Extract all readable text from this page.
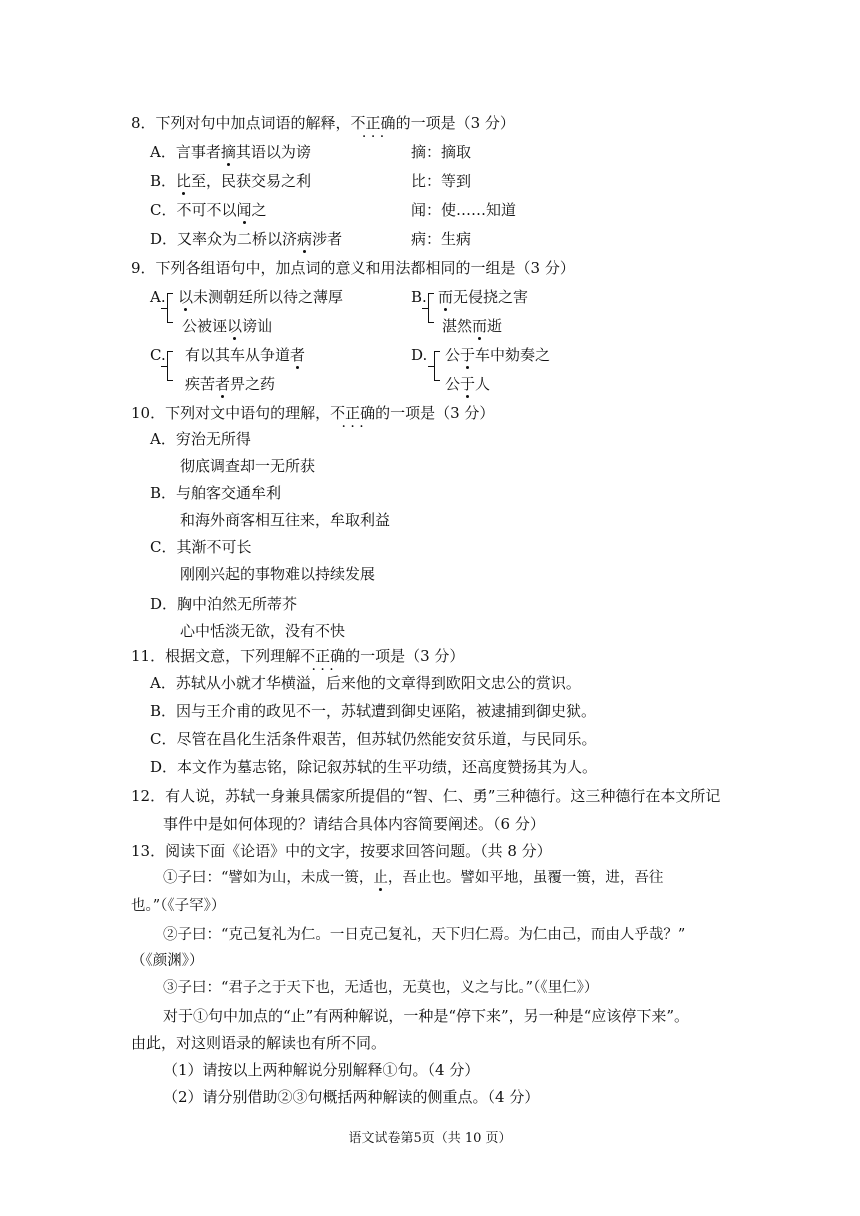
8．下列对句中加点词语的解释，不正确 · · ·的一项是（3 分）
A．言事者摘其语以为谤	摘：摘取
B．比至，民获交易之利	比：等到
C．不可不以闻之	闻：使……知道
D．又率众为二桥以济病涉者	病：生病
9．下列各组语句中，加点词的意义和用法都相同的一组是（3 分）
A. 以未测朝廷所以待之薄厚
公被诬以谤讪
B. 而无侵挠之害
湛然而逝
C. 有以其车从争道者
疾苦者畀之药
D. 公于车中劾奏之
公于人
10．下列对文中语句的理解，不正确 · · ·的一项是（3 分）
A．穷治无所得
彻底调查却一无所获
B．与舶客交通牟利
和海外商客相互往来，牟取利益
C．其渐不可长
刚刚兴起的事物难以持续发展
D．胸中泊然无所蒂芥
心中恬淡无欲，没有不快
11．根据文意，下列理解不正确 · · ·的一项是（3 分）
A．苏轼从小就才华横溢，后来他的文章得到欧阳文忠公的赏识。
B．因与王介甫的政见不一，苏轼遭到御史诬陷，被逮捕到御史狱。
C．尽管在昌化生活条件艰苦，但苏轼仍然能安贫乐道，与民同乐。
D．本文作为墓志铭，除记叙苏轼的生平功绩，还高度赞扬其为人。
12．有人说，苏轼一身兼具儒家所提倡的“智、仁、勇”三种德行。这三种德行在本文所记
事件中是如何体现的？请结合具体内容简要阐述。（6 分）
13．阅读下面《论语》中的文字，按要求回答问题。（共 8 分）
①子曰：“譬如为山，未成一篑，止，吾止也。譬如平地，虽覆一篑，进，吾往
也。”（《子罕》）
②子曰：“克己复礼为仁。一日克己复礼，天下归仁焉。为仁由己，而由人乎哉？”
（《颜渊》）
③子曰：“君子之于天下也，无适也，无莫也，义之与比。”（《里仁》）
对于①句中加点的“止”有两种解说，一种是“停下来”，另一种是“应该停下来”。
由此，对这则语录的解读也有所不同。
（1）请按以上两种解说分别解释①句。（4 分）
（2）请分别借助②③句概括两种解读的侧重点。（4 分）
语文试卷第5页（共 10 页）
